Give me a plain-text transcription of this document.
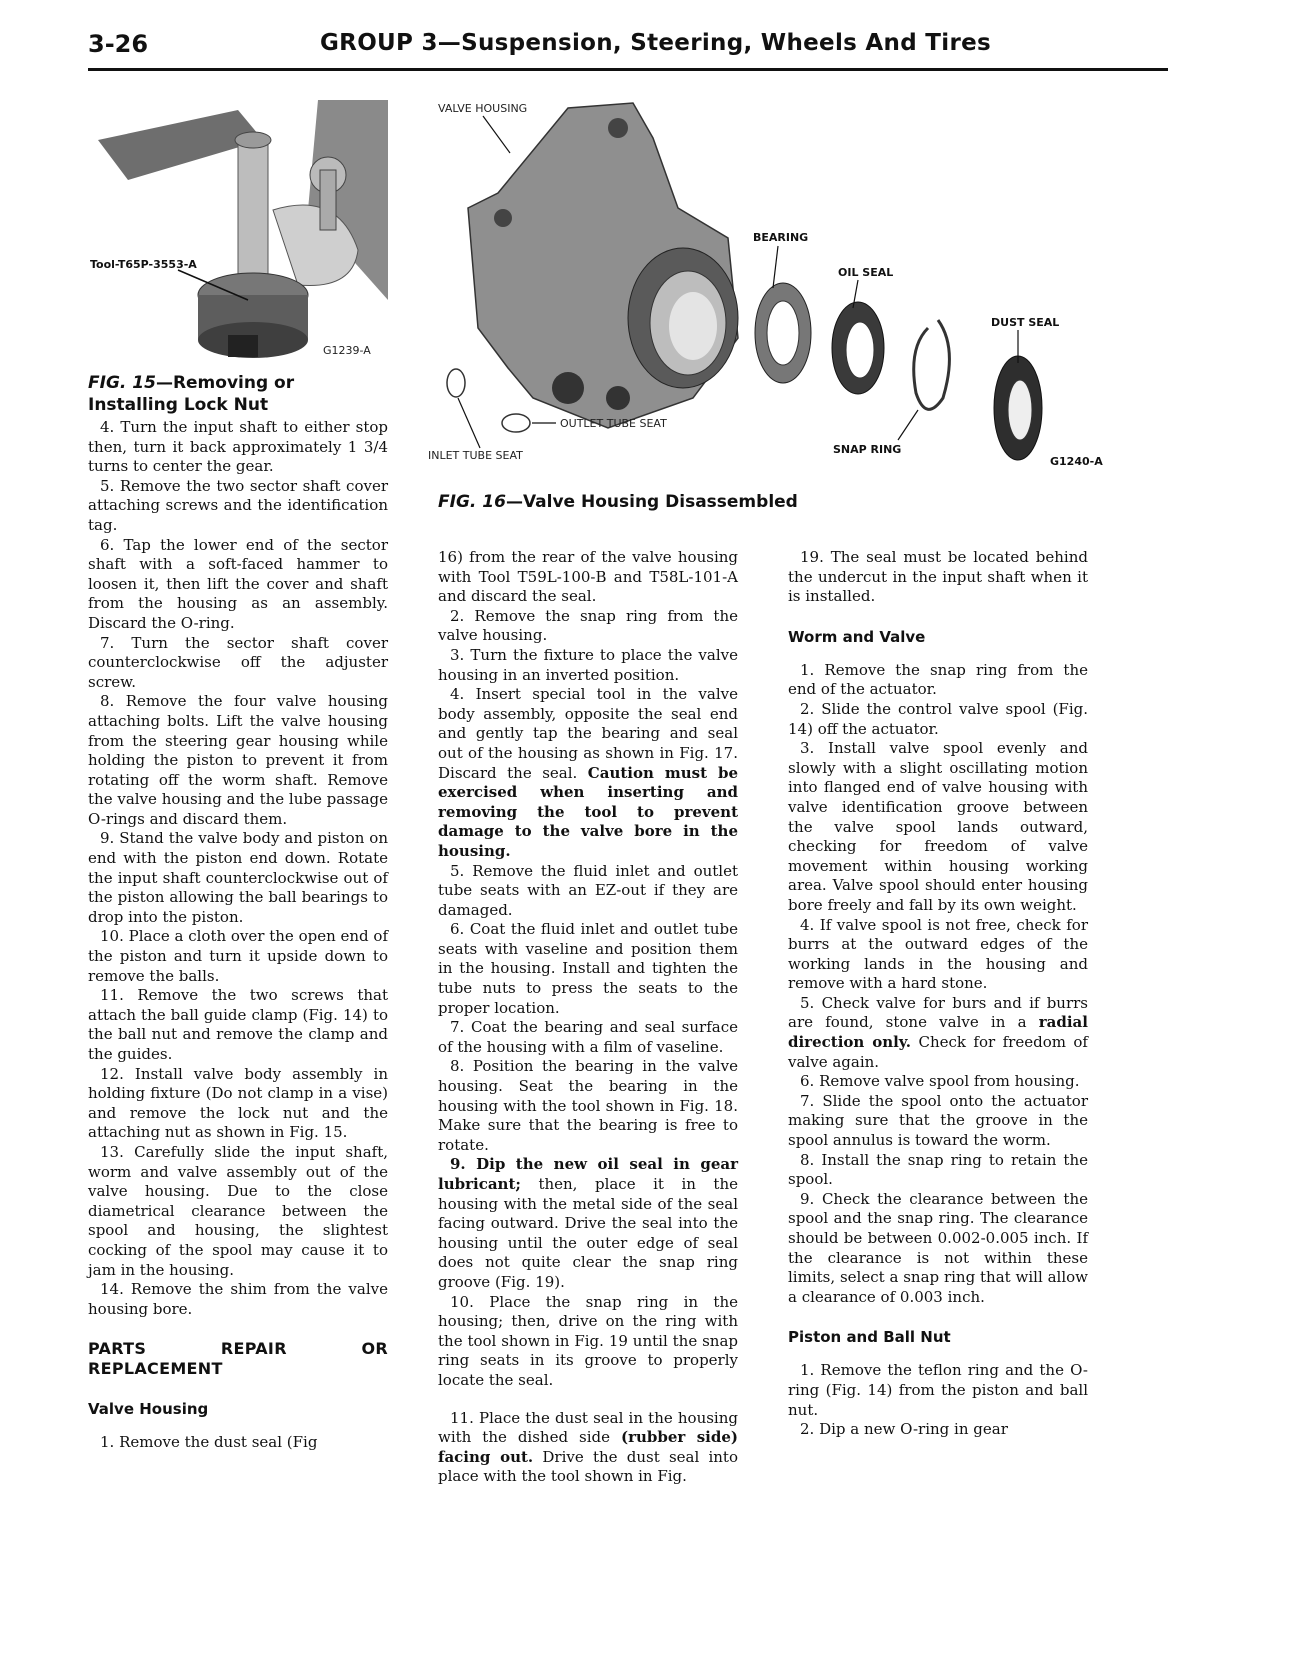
3-26	GROUP 3—Suspension, Steering, Wheels And Tires
Tool-T65P-3553-A
G1239-A
FIG. 15—Removing or Installing Lock Nut
VALVE HOUSING
BEARING
OIL SEAL
DUST SEAL
SNAP RING
OUTLET TUBE SEAT
INLET TUBE SEAT	G1240-A
FIG. 16—Valve Housing Disassembled

4. Turn the input shaft to either stop then, turn it back approximately 1 3/4 turns to center the gear.

5. Remove the two sector shaft cover attaching screws and the identification tag.

6. Tap the lower end of the sector shaft with a soft-faced hammer to loosen it, then lift the cover and shaft from the housing as an assembly. Discard the O-ring.

7. Turn the sector shaft cover counterclockwise off the adjuster screw.

8. Remove the four valve housing attaching bolts. Lift the valve housing from the steering gear housing while holding the piston to prevent it from rotating off the worm shaft. Remove the valve housing and the lube passage O-rings and discard them.

9. Stand the valve body and piston on end with the piston end down. Rotate the input shaft counterclockwise out of the piston allowing the ball bearings to drop into the piston.

10. Place a cloth over the open end of the piston and turn it upside down to remove the balls.

11. Remove the two screws that attach the ball guide clamp (Fig. 14) to the ball nut and remove the clamp and the guides.

12. Install valve body assembly in holding fixture (Do not clamp in a vise) and remove the lock nut and the attaching nut as shown in Fig. 15.

13. Carefully slide the input shaft, worm and valve assembly out of the valve housing. Due to the close diametrical clearance between the spool and housing, the slightest cocking of the spool may cause it to jam in the housing.

14. Remove the shim from the valve housing bore.

PARTS REPAIR OR REPLACEMENT
Valve Housing

1. Remove the dust seal (Fig

16) from the rear of the valve housing with Tool T59L-100-B and T58L-101-A and discard the seal.

2. Remove the snap ring from the valve housing.

3. Turn the fixture to place the valve housing in an inverted position.

4. Insert special tool in the valve body assembly, opposite the seal end and gently tap the bearing and seal out of the housing as shown in Fig. 17. Discard the seal. Caution must be exercised when inserting and removing the tool to prevent damage to the valve bore in the housing.

5. Remove the fluid inlet and outlet tube seats with an EZ-out if they are damaged.

6. Coat the fluid inlet and outlet tube seats with vaseline and position them in the housing. Install and tighten the tube nuts to press the seats to the proper location.

7. Coat the bearing and seal surface of the housing with a film of vaseline.

8. Position the bearing in the valve housing. Seat the bearing in the housing with the tool shown in Fig. 18. Make sure that the bearing is free to rotate.

9. Dip the new oil seal in gear lubricant; then, place it in the housing with the metal side of the seal facing outward. Drive the seal into the housing until the outer edge of seal does not quite clear the snap ring groove (Fig. 19).

10. Place the snap ring in the housing; then, drive on the ring with the tool shown in Fig. 19 until the snap ring seats in its groove to properly locate the seal.

11. Place the dust seal in the housing with the dished side (rubber side) facing out. Drive the dust seal into place with the tool shown in Fig.

19. The seal must be located behind the undercut in the input shaft when it is installed.

Worm and Valve

1. Remove the snap ring from the end of the actuator.

2. Slide the control valve spool (Fig. 14) off the actuator.

3. Install valve spool evenly and slowly with a slight oscillating motion into flanged end of valve housing with valve identification groove between the valve spool lands outward, checking for freedom of valve movement within housing working area. Valve spool should enter housing bore freely and fall by its own weight.

4. If valve spool is not free, check for burrs at the outward edges of the working lands in the housing and remove with a hard stone.

5. Check valve for burs and if burrs are found, stone valve in a radial direction only. Check for freedom of valve again.

6. Remove valve spool from housing.

7. Slide the spool onto the actuator making sure that the groove in the spool annulus is toward the worm.

8. Install the snap ring to retain the spool.

9. Check the clearance between the spool and the snap ring. The clearance should be between 0.002-0.005 inch. If the clearance is not within these limits, select a snap ring that will allow a clearance of 0.003 inch.

Piston and Ball Nut

1. Remove the teflon ring and the O-ring (Fig. 14) from the piston and ball nut.

2. Dip a new O-ring in gear
